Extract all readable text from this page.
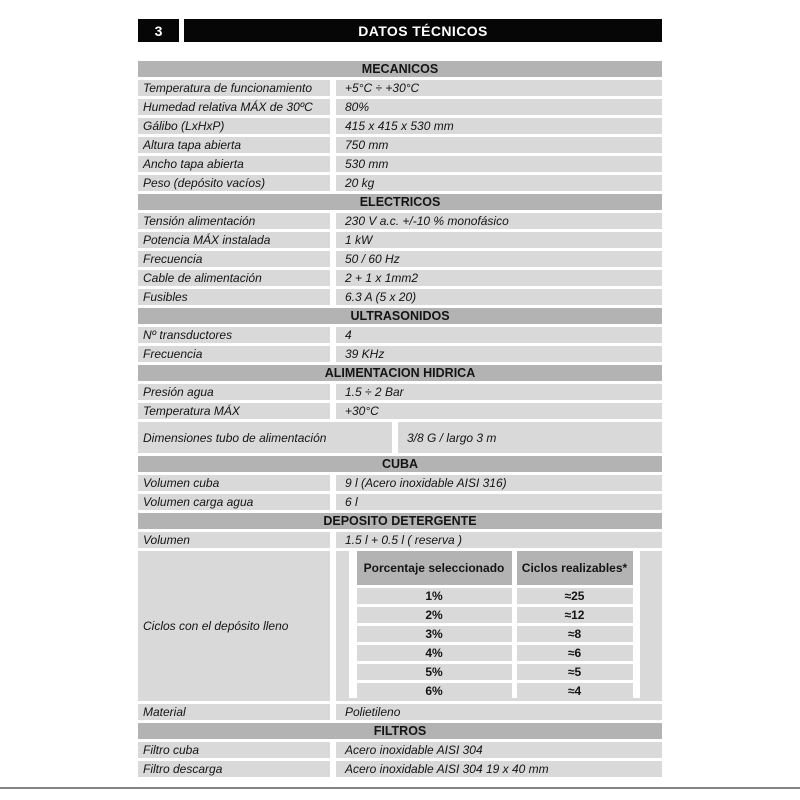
3	DATOS TÉCNICOS
MECANICOS
Temperatura de funcionamiento	+5°C ÷ +30°C
Humedad relativa MÁX de 30ºC	80%
Gálibo (LxHxP)	415 x 415 x 530 mm
Altura tapa abierta	750 mm
Ancho tapa abierta	530 mm
Peso (depósito vacíos)	20 kg
ELECTRICOS
Tensión alimentación	230 V a.c. +/-10 % monofásico
Potencia MÁX instalada	1 kW
Frecuencia	50 / 60 Hz
Cable de alimentación	2 + 1 x 1mm2
Fusibles	6.3 A (5 x 20)
ULTRASONIDOS
Nº transductores	4
Frecuencia	39 KHz
ALIMENTACION HIDRICA
Presión agua	1.5 ÷ 2 Bar
Temperatura MÁX	+30°C
Dimensiones tubo de alimentación	3/8 G / largo 3 m
CUBA
Volumen cuba	9 l (Acero inoxidable AISI 316)
Volumen carga agua	6 l
DEPOSITO DETERGENTE
Volumen	1.5 l + 0.5 l ( reserva )
Ciclos con el depósito lleno
Porcentaje seleccionado	Ciclos realizables*
1%	≈25
2%	≈12
3%	≈8
4%	≈6
5%	≈5
6%	≈4
Material	Polietileno
FILTROS
Filtro cuba	Acero inoxidable AISI 304
Filtro descarga	Acero inoxidable AISI 304 19 x 40 mm
